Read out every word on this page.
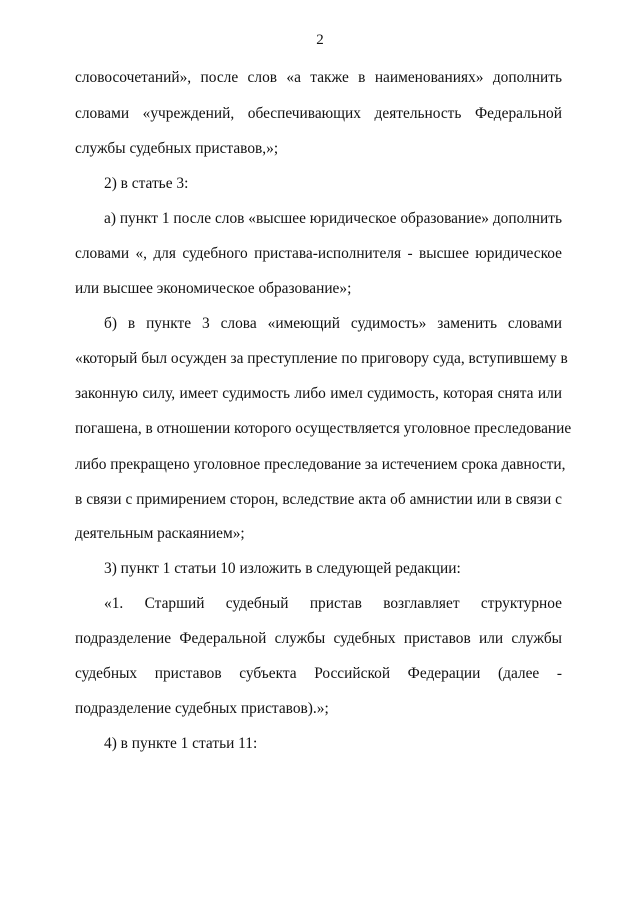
2
словосочетаний», после слов «а также в наименованиях» дополнить
словами «учреждений, обеспечивающих деятельность Федеральной
службы судебных приставов,»;
2) в статье 3:
а) пункт 1 после слов «высшее юридическое образование» дополнить
словами «, для судебного пристава-исполнителя - высшее юридическое
или высшее экономическое образование»;
б) в пункте 3 слова «имеющий судимость» заменить словами
«который был осужден за преступление по приговору суда, вступившему в
законную силу, имеет судимость либо имел судимость, которая снята или
погашена, в отношении которого осуществляется уголовное преследование
либо прекращено уголовное преследование за истечением срока давности,
в связи с примирением сторон, вследствие акта об амнистии или в связи с
деятельным раскаянием»;
3) пункт 1 статьи 10 изложить в следующей редакции:
«1. Старший судебный пристав возглавляет структурное
подразделение Федеральной службы судебных приставов или службы
судебных приставов субъекта Российской Федерации (далее -
подразделение судебных приставов).»;
4) в пункте 1 статьи 11:
